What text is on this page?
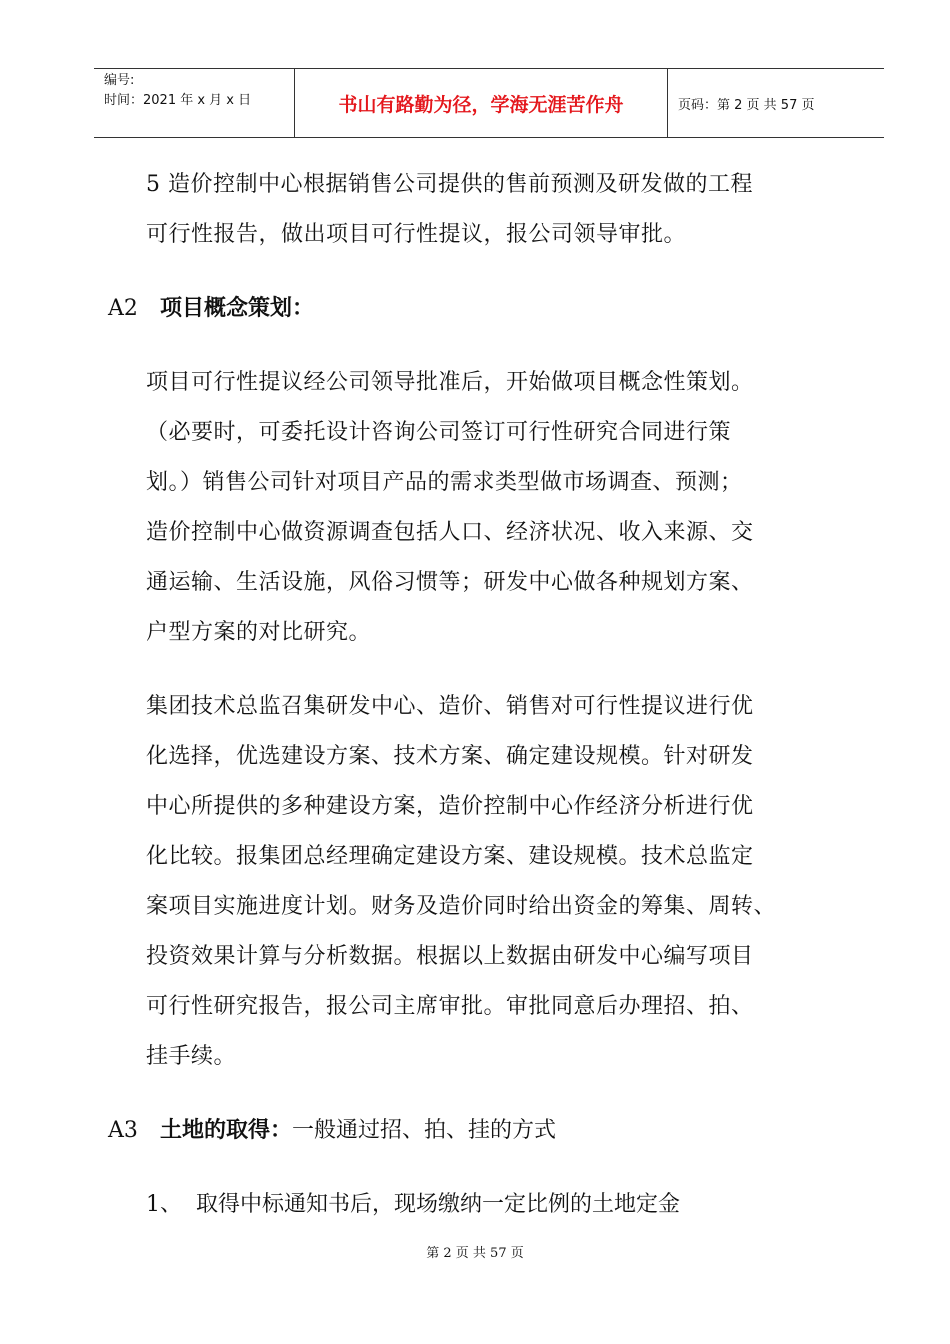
编号:
时间：2021 年 x 月 x 日	书山有路勤为径，学海无涯苦作舟	页码：第 2 页 共 57 页
5 造价控制中心根据销售公司提供的售前预测及研发做的工程
可行性报告，做出项目可行性提议，报公司领导审批。
A2 项目概念策划：
项目可行性提议经公司领导批准后，开始做项目概念性策划。
（必要时，可委托设计咨询公司签订可行性研究合同进行策
划。）销售公司针对项目产品的需求类型做市场调查、预测；
造价控制中心做资源调查包括人口、经济状况、收入来源、交
通运输、生活设施，风俗习惯等；研发中心做各种规划方案、
户型方案的对比研究。
集团技术总监召集研发中心、造价、销售对可行性提议进行优
化选择，优选建设方案、技术方案、确定建设规模。针对研发
中心所提供的多种建设方案，造价控制中心作经济分析进行优
化比较。报集团总经理确定建设方案、建设规模。技术总监定
案项目实施进度计划。财务及造价同时给出资金的筹集、周转、
投资效果计算与分析数据。根据以上数据由研发中心编写项目
可行性研究报告，报公司主席审批。审批同意后办理招、拍、
挂手续。
A3 土地的取得：一般通过招、拍、挂的方式
1、 取得中标通知书后，现场缴纳一定比例的土地定金
第 2 页 共 57 页
